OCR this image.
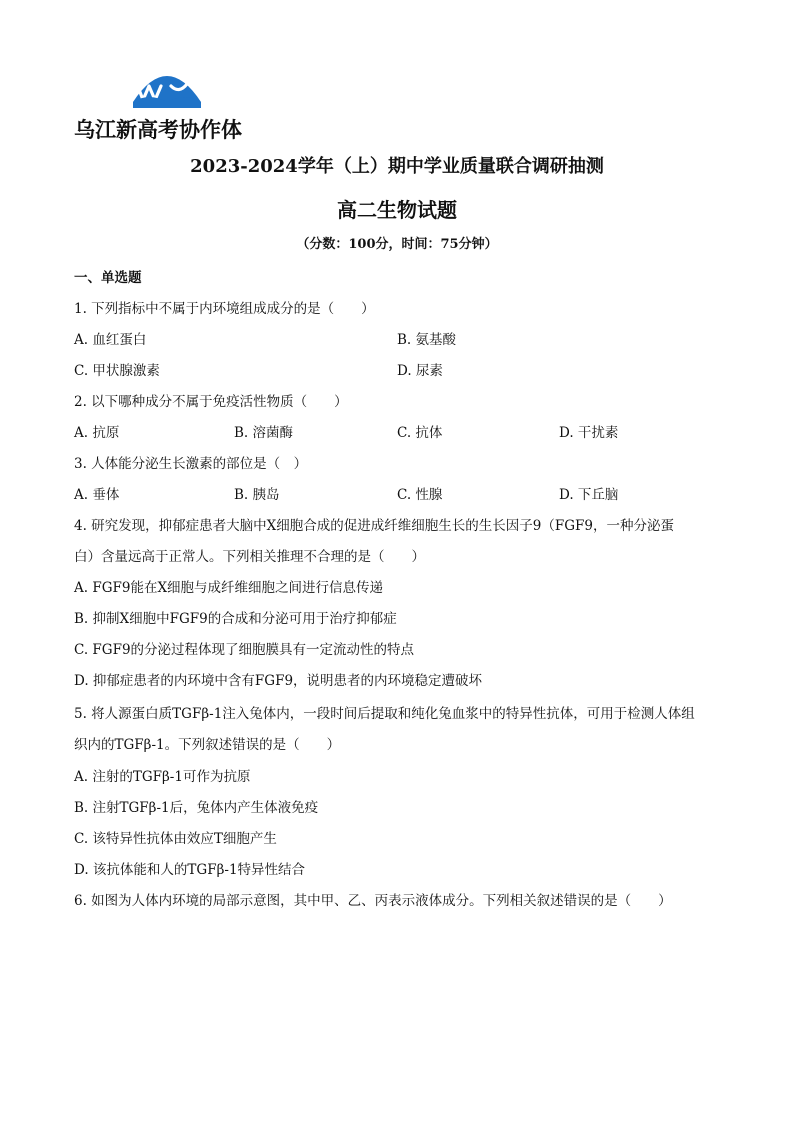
乌江新高考协作体
2023-2024学年（上）期中学业质量联合调研抽测
高二生物试题
（分数：100分，时间：75分钟）
一、单选题
1. 下列指标中不属于内环境组成成分的是（　　）
A. 血红蛋白	B. 氨基酸
C. 甲状腺激素	D. 尿素
2. 以下哪种成分不属于免疫活性物质（　　）
A. 抗原	B. 溶菌酶	C. 抗体	D. 干扰素
3. 人体能分泌生长激素的部位是（　）
A. 垂体	B. 胰岛	C. 性腺	D. 下丘脑
4. 研究发现，抑郁症患者大脑中X细胞合成的促进成纤维细胞生长的生长因子9（FGF9，一种分泌蛋
白）含量远高于正常人。下列相关推理不合理的是（　　）
A. FGF9能在X细胞与成纤维细胞之间进行信息传递
B. 抑制X细胞中FGF9的合成和分泌可用于治疗抑郁症
C. FGF9的分泌过程体现了细胞膜具有一定流动性的特点
D. 抑郁症患者的内环境中含有FGF9，说明患者的内环境稳定遭破坏
5. 将人源蛋白质TGFβ-1注入兔体内，一段时间后提取和纯化兔血浆中的特异性抗体，可用于检测人体组
织内的TGFβ-1。下列叙述错误的是（　　）
A. 注射的TGFβ-1可作为抗原
B. 注射TGFβ-1后，兔体内产生体液免疫
C. 该特异性抗体由效应T细胞产生
D. 该抗体能和人的TGFβ-1特异性结合
6. 如图为人体内环境的局部示意图，其中甲、乙、丙表示液体成分。下列相关叙述错误的是（　　）
